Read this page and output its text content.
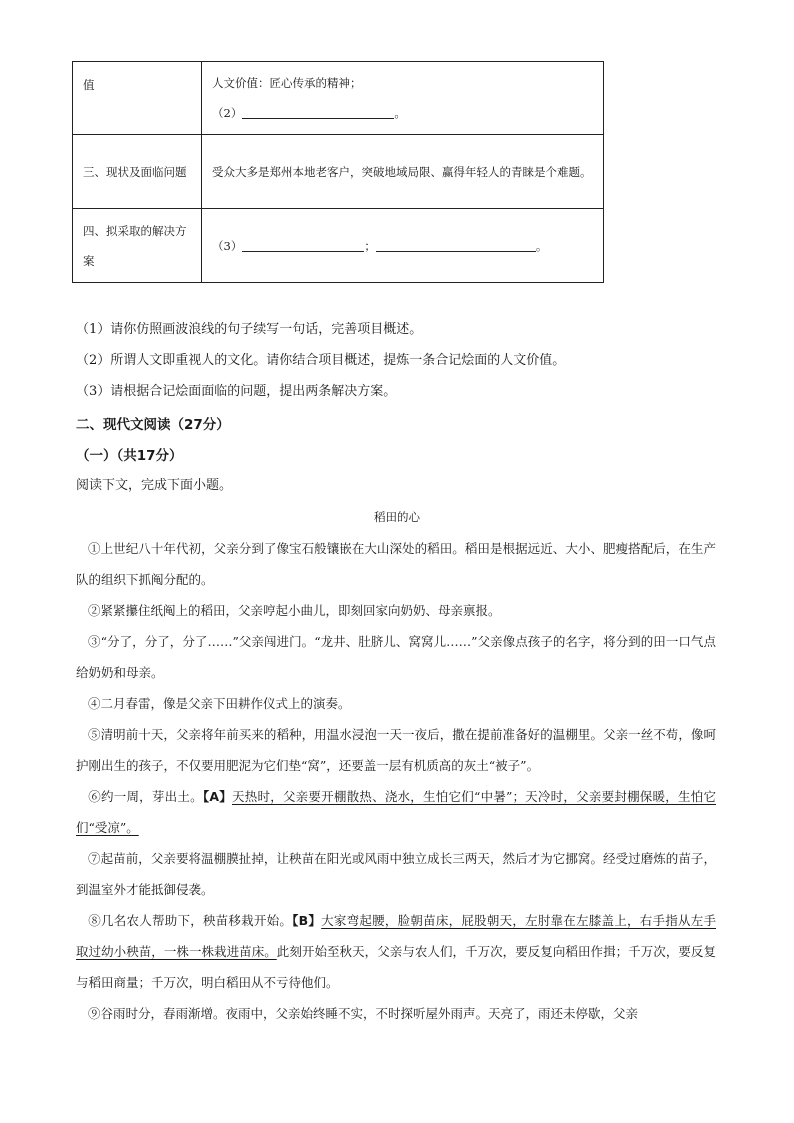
值	人文价值：匠心传承的精神；
（2） 。

三、现状及面临问题	受众大多是郑州本地老客户，突破地域局限、赢得年轻人的青睐是个难题。
四、拟采取的解决方案	（3） ； 。
（1）请你仿照画波浪线的句子续写一句话，完善项目概述。
（2）所谓人文即重视人的文化。请你结合项目概述，提炼一条合记烩面的人文价值。
（3）请根据合记烩面面临的问题，提出两条解决方案。
二、现代文阅读（27分）
（一）（共17分）
阅读下文，完成下面小题。
稻田的心
①上世纪八十年代初，父亲分到了像宝石般镶嵌在大山深处的稻田。稻田是根据远近、大小、肥瘦搭配后，在生产队的组织下抓阄分配的。
②紧紧攥住纸阄上的稻田，父亲哼起小曲儿，即刻回家向奶奶、母亲禀报。
③“分了，分了，分了……”父亲闯进门。“龙井、肚脐儿、窝窝儿……”父亲像点孩子的名字，将分到的田一口气点给奶奶和母亲。
④二月春雷，像是父亲下田耕作仪式上的演奏。
⑤清明前十天，父亲将年前买来的稻种，用温水浸泡一天一夜后，撒在提前准备好的温棚里。父亲一丝不苟，像呵护刚出生的孩子，不仅要用肥泥为它们垫“窝”，还要盖一层有机质高的灰土“被子”。
⑥约一周，芽出土。【A】天热时，父亲要开棚散热、浇水，生怕它们“中暑”；天冷时，父亲要封棚保暖，生怕它们“受凉”。
⑦起苗前，父亲要将温棚膜扯掉，让秧苗在阳光或风雨中独立成长三两天，然后才为它挪窝。经受过磨炼的苗子，到温室外才能抵御侵袭。
⑧几名农人帮助下，秧苗移栽开始。【B】大家弯起腰，脸朝苗床，屁股朝天，左肘靠在左膝盖上，右手指从左手取过幼小秧苗，一株一株栽进苗床。此刻开始至秋天，父亲与农人们，千万次，要反复向稻田作揖；千万次，要反复与稻田商量；千万次，明白稻田从不亏待他们。
⑨谷雨时分，春雨渐增。夜雨中，父亲始终睡不实，不时探听屋外雨声。天亮了，雨还未停歇，父亲
